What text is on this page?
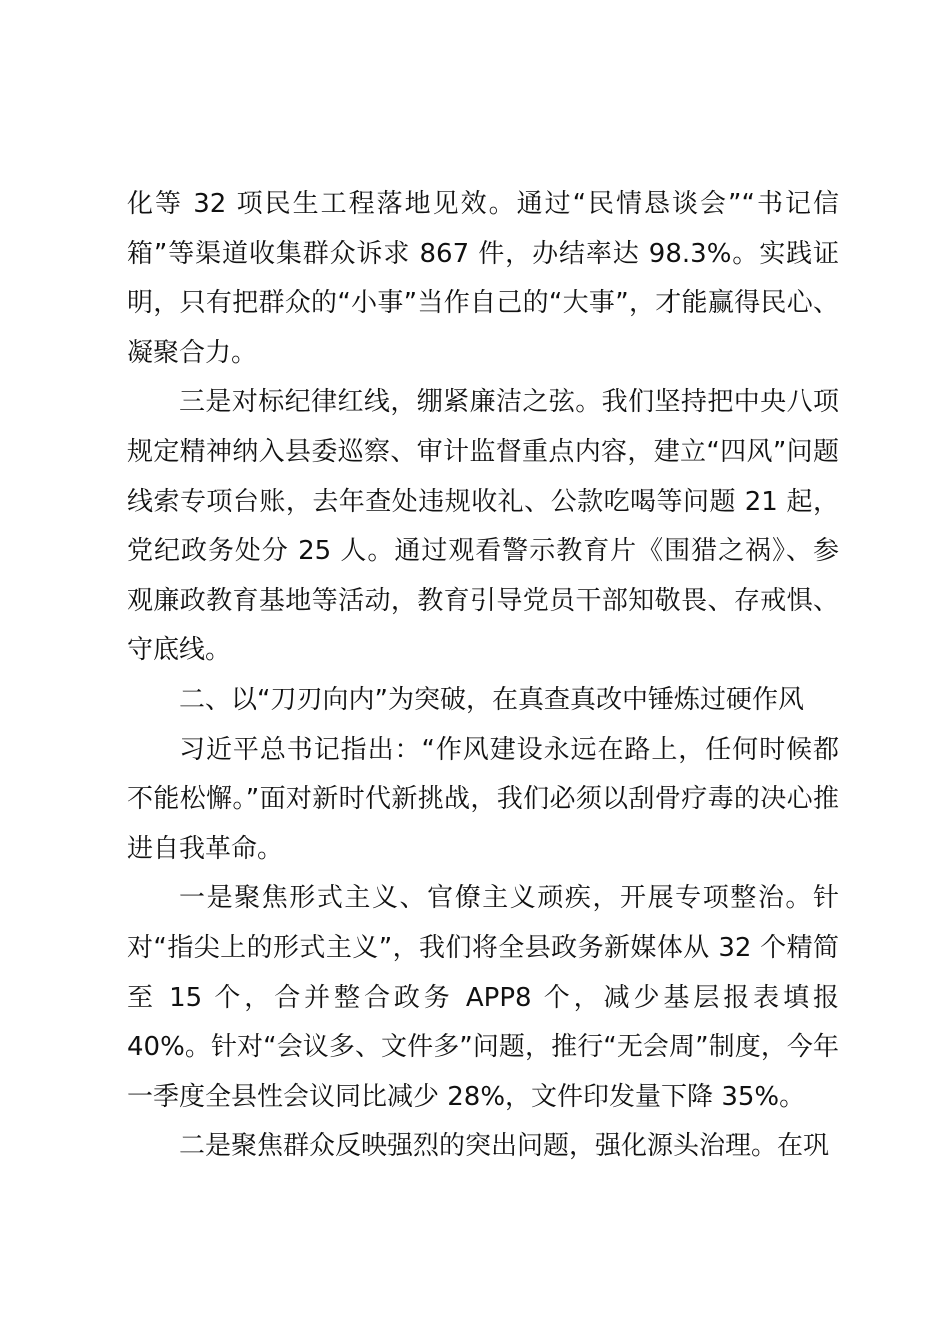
化等 32 项民生工程落地见效。通过“民情恳谈会”“书记信箱”等渠道收集群众诉求 867 件，办结率达 98.3%。实践证明，只有把群众的“小事”当作自己的“大事”，才能赢得民心、凝聚合力。

三是对标纪律红线，绷紧廉洁之弦。我们坚持把中央八项规定精神纳入县委巡察、审计监督重点内容，建立“四风”问题线索专项台账，去年查处违规收礼、公款吃喝等问题 21 起，党纪政务处分 25 人。通过观看警示教育片《围猎之祸》、参观廉政教育基地等活动，教育引导党员干部知敬畏、存戒惧、守底线。

二、以“刀刃向内”为突破，在真查真改中锤炼过硬作风

习近平总书记指出：“作风建设永远在路上，任何时候都不能松懈。”面对新时代新挑战，我们必须以刮骨疗毒的决心推进自我革命。

一是聚焦形式主义、官僚主义顽疾，开展专项整治。针对“指尖上的形式主义”，我们将全县政务新媒体从 32 个精简至 15 个，合并整合政务 APP8 个，减少基层报表填报 40%。针对“会议多、文件多”问题，推行“无会周”制度，今年一季度全县性会议同比减少 28%，文件印发量下降 35%。

二是聚焦群众反映强烈的突出问题，强化源头治理。在巩
